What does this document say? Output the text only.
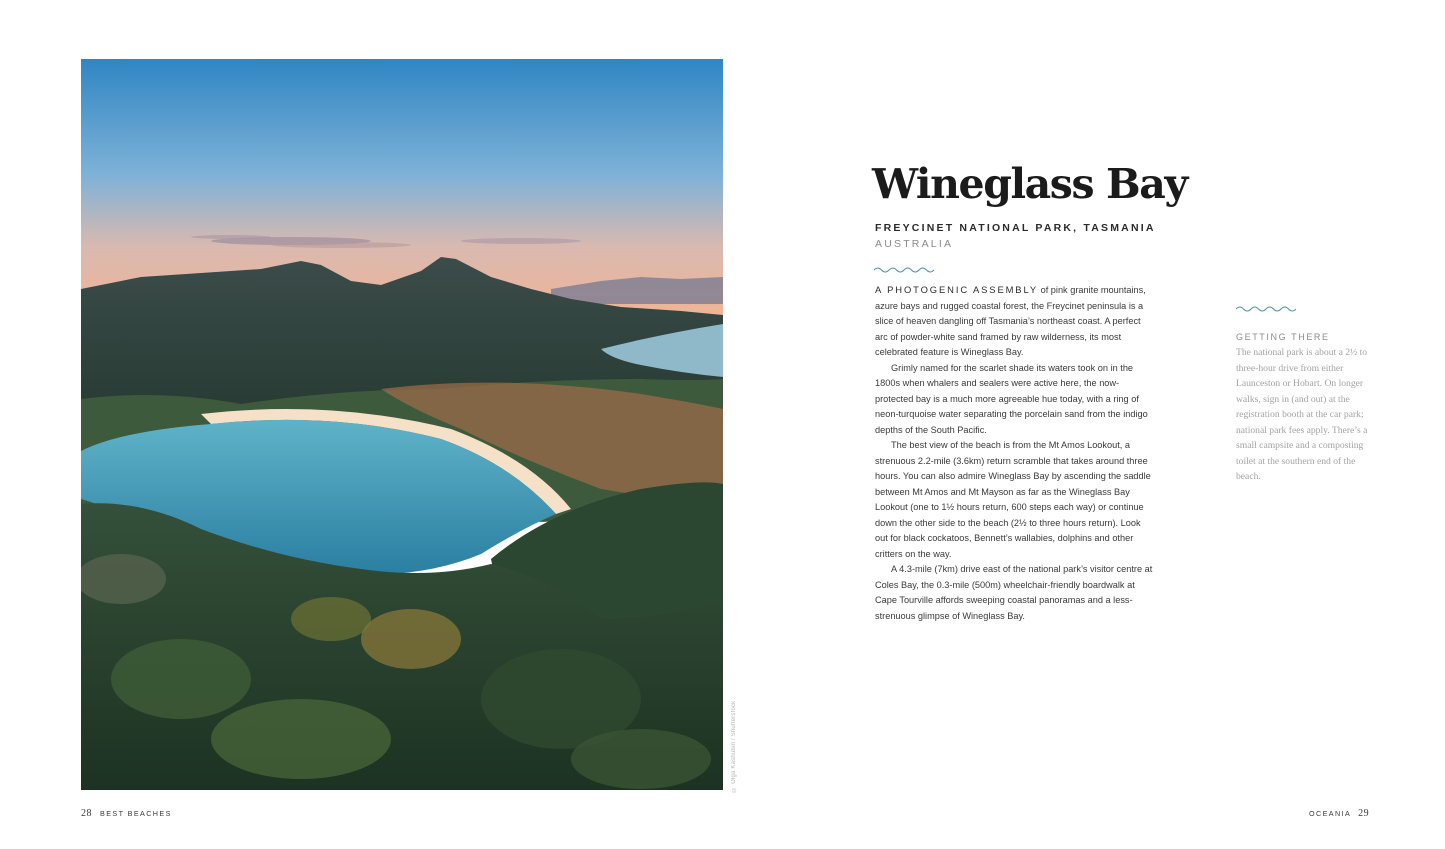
© Olga Kashubin / Shutterstock
Wineglass Bay
FREYCINET NATIONAL PARK, TASMANIA
AUSTRALIA

A PHOTOGENIC ASSEMBLY of pink granite mountains, azure bays and rugged coastal forest, the Freycinet peninsula is a slice of heaven dangling off Tasmania’s northeast coast. A perfect arc of powder-white sand framed by raw wilderness, its most celebrated feature is Wineglass Bay.

Grimly named for the scarlet shade its waters took on in the 1800s when whalers and sealers were active here, the now-protected bay is a much more agreeable hue today, with a ring of neon-turquoise water separating the porcelain sand from the indigo depths of the South Pacific.

The best view of the beach is from the Mt Amos Lookout, a strenuous 2.2-mile (3.6km) return scramble that takes around three hours. You can also admire Wineglass Bay by ascending the saddle between Mt Amos and Mt Mayson as far as the Wineglass Bay Lookout (one to 1½ hours return, 600 steps each way) or continue down the other side to the beach (2½ to three hours return). Look out for black cockatoos, Bennett’s wallabies, dolphins and other critters on the way.

A 4.3-mile (7km) drive east of the national park’s visitor centre at Coles Bay, the 0.3-mile (500m) wheelchair-friendly boardwalk at Cape Tourville affords sweeping coastal panoramas and a less-strenuous glimpse of Wineglass Bay.

GETTING THERE
The national park is about a 2½ to three-hour drive from either Launceston or Hobart. On longer walks, sign in (and out) at the registration booth at the car park; national park fees apply. There’s a small campsite and a composting toilet at the southern end of the beach.
28 BEST BEACHES	OCEANIA 29
